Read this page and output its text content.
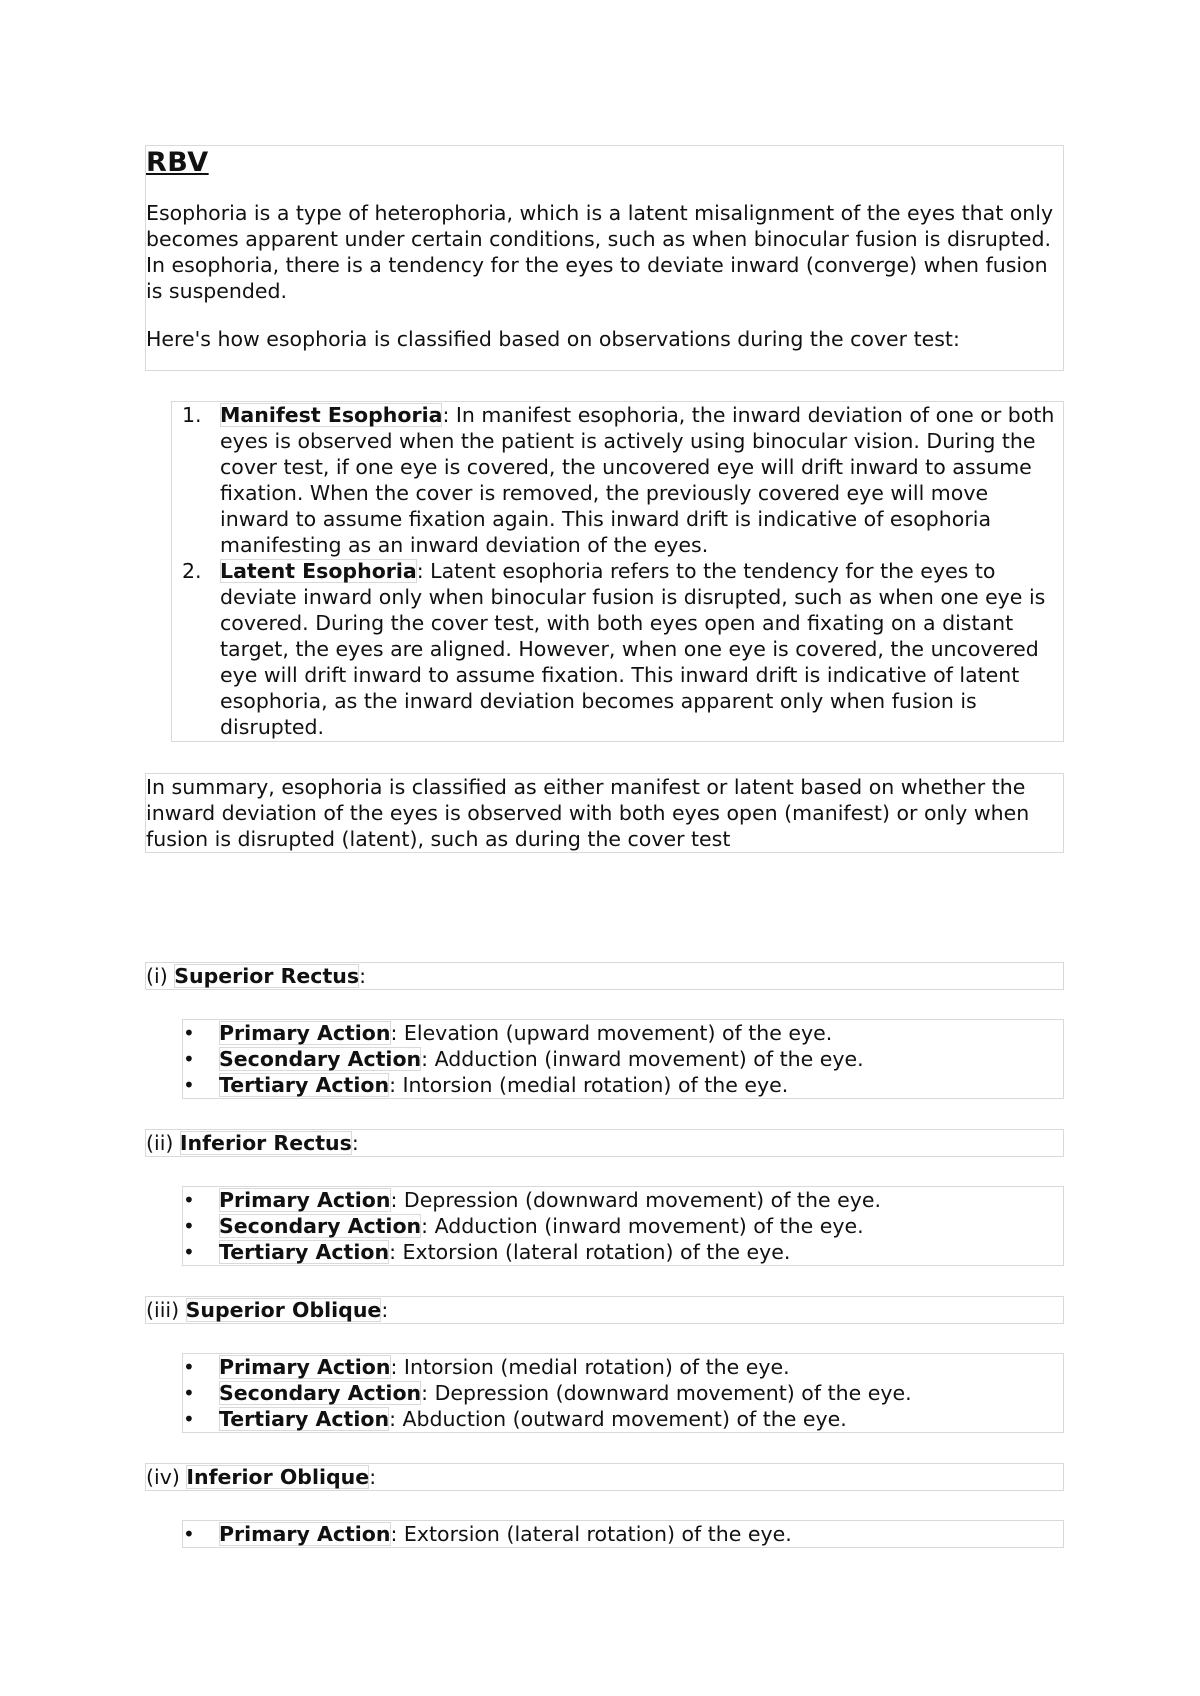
RBV

Esophoria is a type of heterophoria, which is a latent misalignment of the eyes that only becomes apparent under certain conditions, such as when binocular fusion is disrupted. In esophoria, there is a tendency for the eyes to deviate inward (converge) when fusion is suspended.

Here's how esophoria is classified based on observations during the cover test:

1. Manifest Esophoria: In manifest esophoria, the inward deviation of one or both eyes is observed when the patient is actively using binocular vision. During the cover test, if one eye is covered, the uncovered eye will drift inward to assume fixation. When the cover is removed, the previously covered eye will move inward to assume fixation again. This inward drift is indicative of esophoria manifesting as an inward deviation of the eyes.
2. Latent Esophoria: Latent esophoria refers to the tendency for the eyes to deviate inward only when binocular fusion is disrupted, such as when one eye is covered. During the cover test, with both eyes open and fixating on a distant target, the eyes are aligned. However, when one eye is covered, the uncovered eye will drift inward to assume fixation. This inward drift is indicative of latent esophoria, as the inward deviation becomes apparent only when fusion is disrupted.

In summary, esophoria is classified as either manifest or latent based on whether the inward deviation of the eyes is observed with both eyes open (manifest) or only when fusion is disrupted (latent), such as during the cover test

(i) Superior Rectus:
• Primary Action: Elevation (upward movement) of the eye.
• Secondary Action: Adduction (inward movement) of the eye.
• Tertiary Action: Intorsion (medial rotation) of the eye.
(ii) Inferior Rectus:
• Primary Action: Depression (downward movement) of the eye.
• Secondary Action: Adduction (inward movement) of the eye.
• Tertiary Action: Extorsion (lateral rotation) of the eye.
(iii) Superior Oblique:
• Primary Action: Intorsion (medial rotation) of the eye.
• Secondary Action: Depression (downward movement) of the eye.
• Tertiary Action: Abduction (outward movement) of the eye.
(iv) Inferior Oblique:
• Primary Action: Extorsion (lateral rotation) of the eye.
